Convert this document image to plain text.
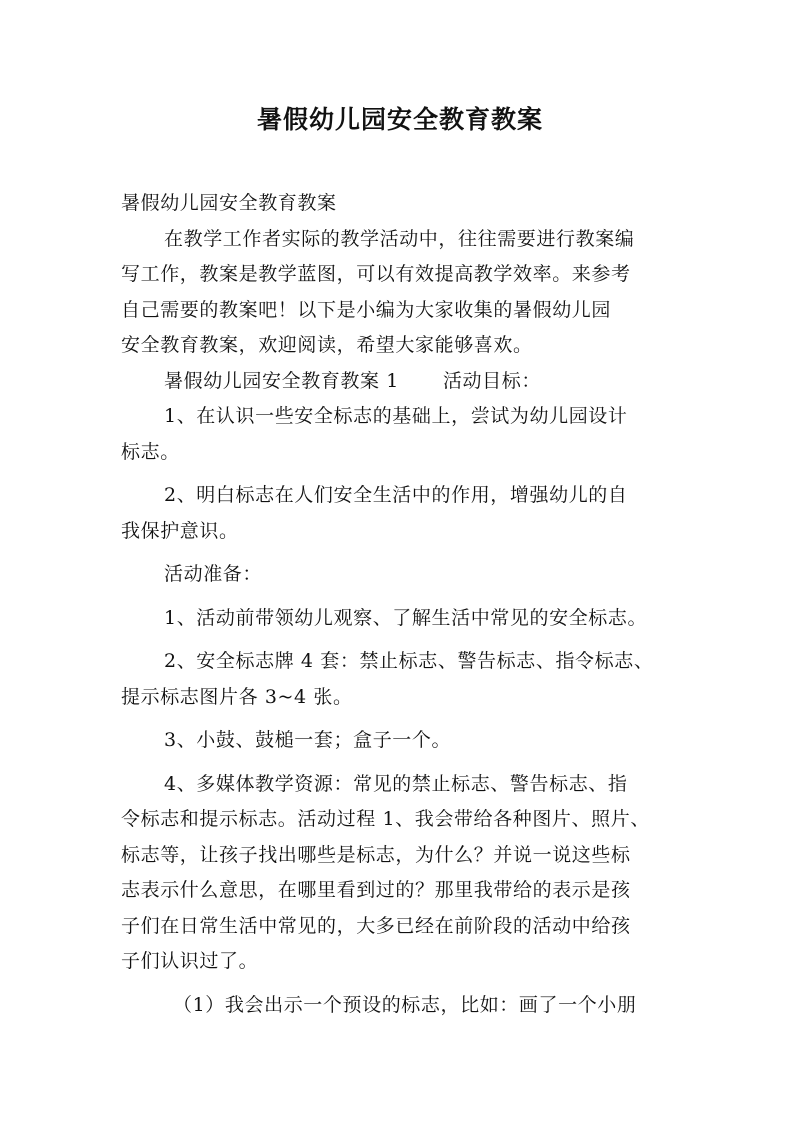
暑假幼儿园安全教育教案

暑假幼儿园安全教育教案

在教学工作者实际的教学活动中，往往需要进行教案编

写工作，教案是教学蓝图，可以有效提高教学效率。来参考

自己需要的教案吧！以下是小编为大家收集的暑假幼儿园

安全教育教案，欢迎阅读，希望大家能够喜欢。

暑假幼儿园安全教育教案 1 活动目标：

1、在认识一些安全标志的基础上，尝试为幼儿园设计

标志。

2、明白标志在人们安全生活中的作用，增强幼儿的自

我保护意识。

活动准备：

1、活动前带领幼儿观察、了解生活中常见的安全标志。

2、安全标志牌 4 套：禁止标志、警告标志、指令标志、

提示标志图片各 3~4 张。

3、小鼓、鼓槌一套；盒子一个。

4、多媒体教学资源：常见的禁止标志、警告标志、指

令标志和提示标志。活动过程 1、我会带给各种图片、照片、

标志等，让孩子找出哪些是标志，为什么？并说一说这些标

志表示什么意思，在哪里看到过的？那里我带给的表示是孩

子们在日常生活中常见的，大多已经在前阶段的活动中给孩

子们认识过了。

（1）我会出示一个预设的标志，比如：画了一个小朋
